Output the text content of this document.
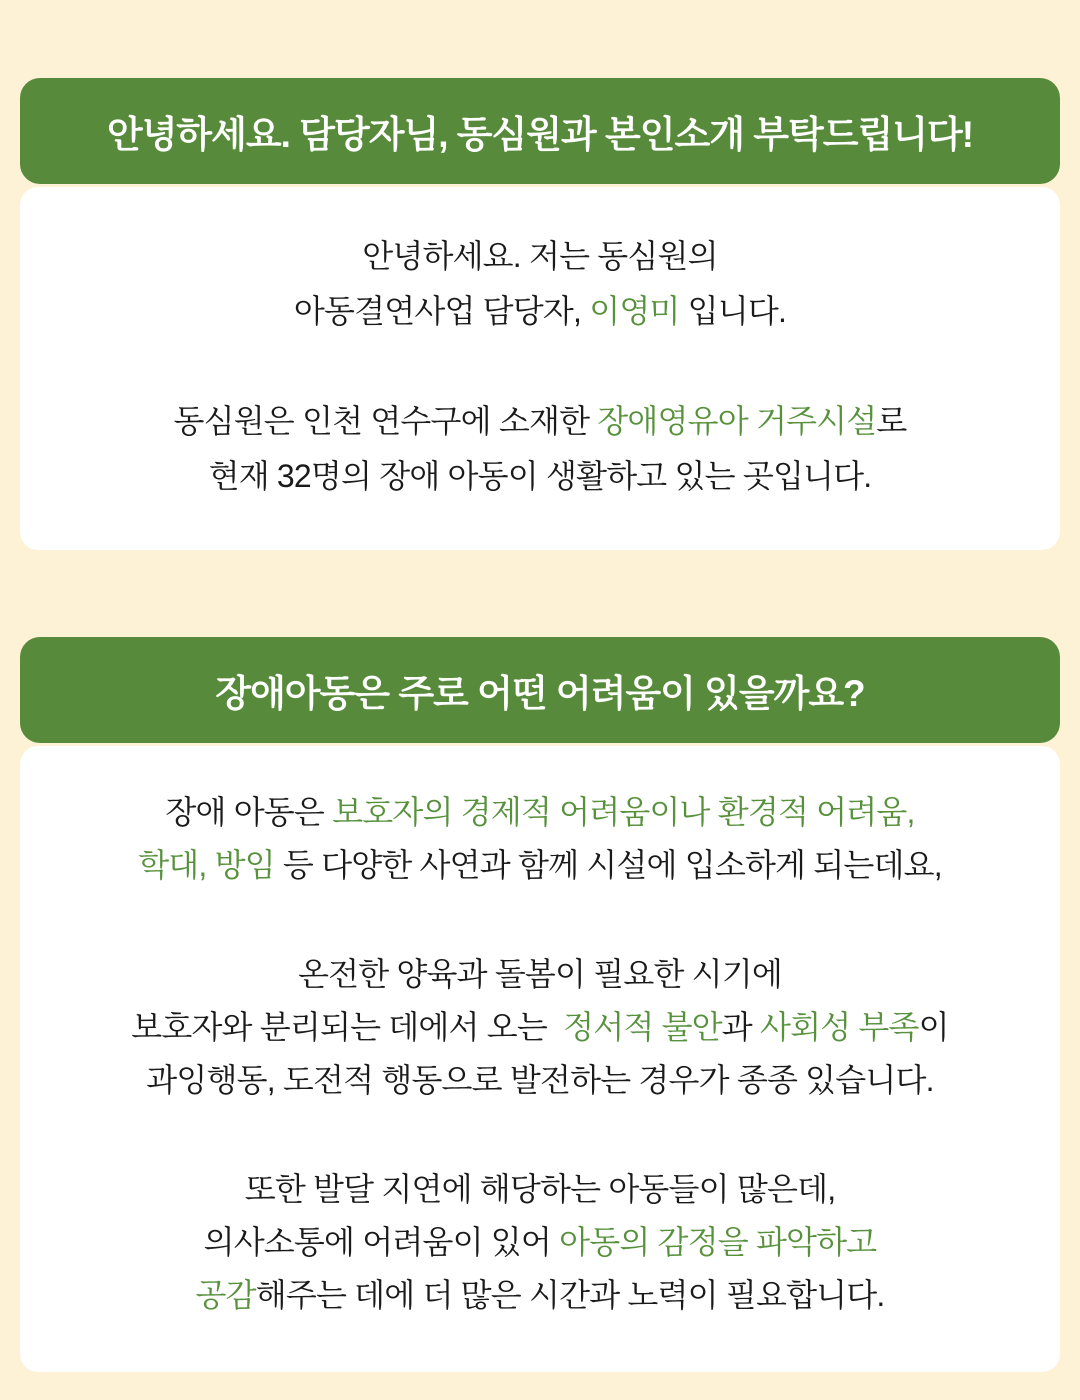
안녕하세요. 담당자님, 동심원과 본인소개 부탁드립니다!

안녕하세요. 저는 동심원의
아동결연사업 담당자, 이영미 입니다.

동심원은 인천 연수구에 소재한 장애영유아 거주시설로
현재 32명의 장애 아동이 생활하고 있는 곳입니다.

장애아동은 주로 어떤 어려움이 있을까요?

장애 아동은 보호자의 경제적 어려움이나 환경적 어려움,
학대, 방임 등 다양한 사연과 함께 시설에 입소하게 되는데요,

온전한 양육과 돌봄이 필요한 시기에
보호자와 분리되는 데에서 오는  정서적 불안과 사회성 부족이
과잉행동, 도전적 행동으로 발전하는 경우가 종종 있습니다.

또한 발달 지연에 해당하는 아동들이 많은데,
의사소통에 어려움이 있어 아동의 감정을 파악하고
공감해주는 데에 더 많은 시간과 노력이 필요합니다.
